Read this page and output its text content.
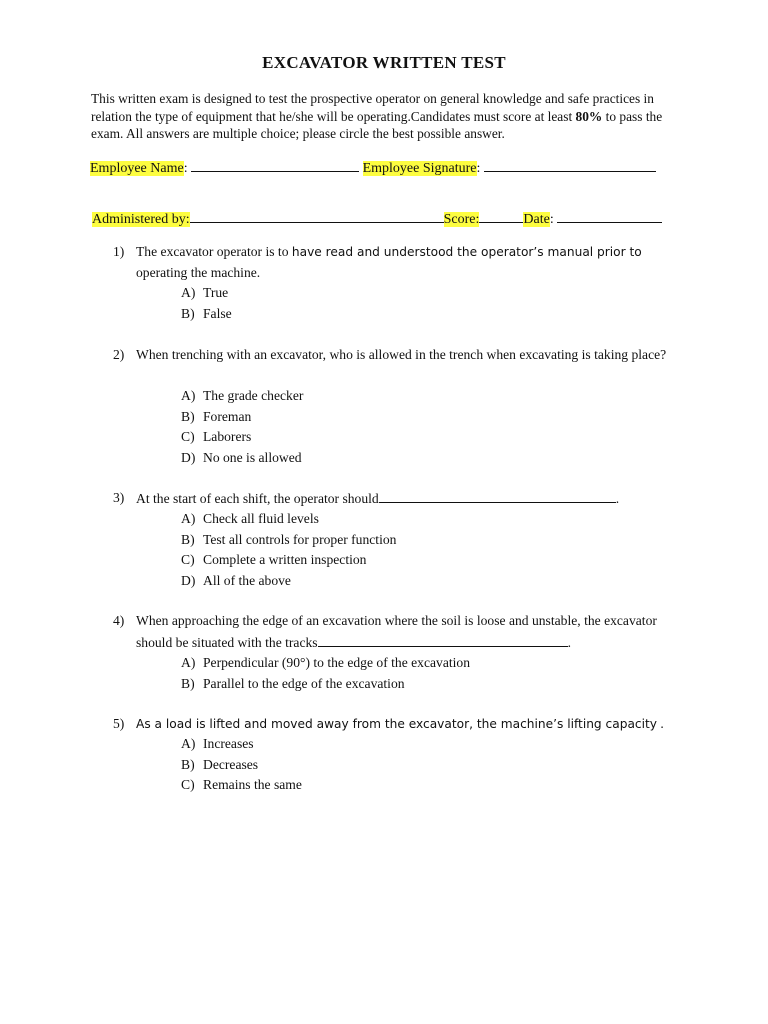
EXCAVATOR WRITTEN TEST
This written exam is designed to test the prospective operator on general knowledge and safe practices in relation the type of equipment that he/she will be operating.Candidates must score at least 80% to pass the exam. All answers are multiple choice; please circle the best possible answer.
Employee Name:	Employee Signature:
Administered by:	Score:	Date:
1) The excavator operator is to have read and understood the operator’s manual prior to
operating the machine.
A) True
B) False
2) When trenching with an excavator, who is allowed in the trench when excavating is taking place?
A) The grade checker
B) Foreman
C) Laborers
D) No one is allowed
3) At the start of each shift, the operator should	.
A) Check all fluid levels
B) Test all controls for proper function
C) Complete a written inspection
D) All of the above
4) When approaching the edge of an excavation where the soil is loose and unstable, the excavator should be situated with the tracks	.
A) Perpendicular (90°) to the edge of the excavation
B) Parallel to the edge of the excavation
5) As a load is lifted and moved away from the excavator, the machine’s lifting capacity .
A) Increases
B) Decreases
C) Remains the same
